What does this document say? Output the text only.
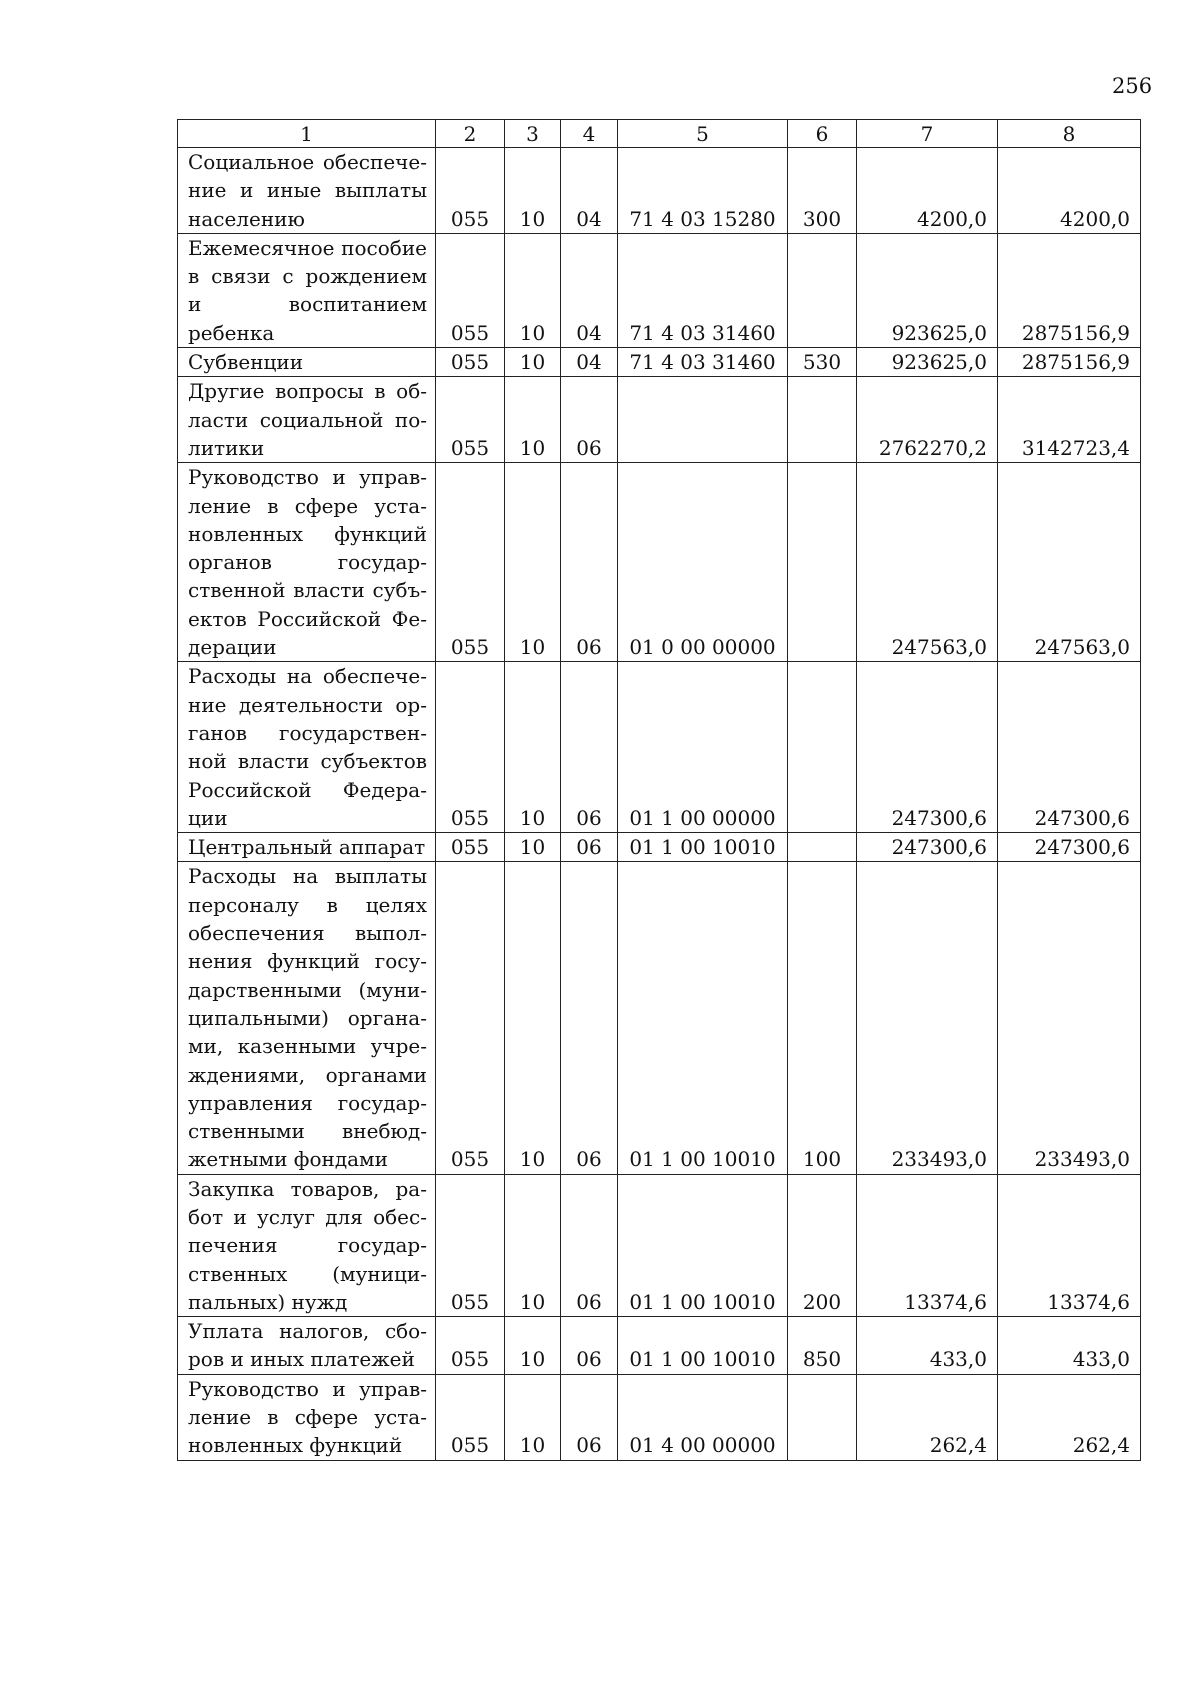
256
1	2	3	4	5	6	7	8

Социальное обеспечение и иные выплаты населению	055	10	04	71 4 03 15280	300	4200,0	4200,0

Ежемесячное пособие в связи с рождением и воспитанием ребенка	055	10	04	71 4 03 31460		923625,0	2875156,9

Субвенции	055	10	04	71 4 03 31460	530	923625,0	2875156,9

Другие вопросы в области социальной политики	055	10	06			2762270,2	3142723,4

Руководство и управление в сфере установленных функций органов государственной власти субъектов Российской Федерации	055	10	06	01 0 00 00000		247563,0	247563,0

Расходы на обеспечение деятельности органов государственной власти субъектов Российской Федерации	055	10	06	01 1 00 00000		247300,6	247300,6

Центральный аппарат	055	10	06	01 1 00 10010		247300,6	247300,6

Расходы на выплаты персоналу в целях обеспечения выполнения функций государственными (муниципальными) органами, казенными учреждениями, органами управления государственными внебюджетными фондами	055	10	06	01 1 00 10010	100	233493,0	233493,0

Закупка товаров, работ и услуг для обеспечения государственных (муниципальных) нужд	055	10	06	01 1 00 10010	200	13374,6	13374,6

Уплата налогов, сборов и иных платежей	055	10	06	01 1 00 10010	850	433,0	433,0

Руководство и управление в сфере установленных функций	055	10	06	01 4 00 00000		262,4	262,4
